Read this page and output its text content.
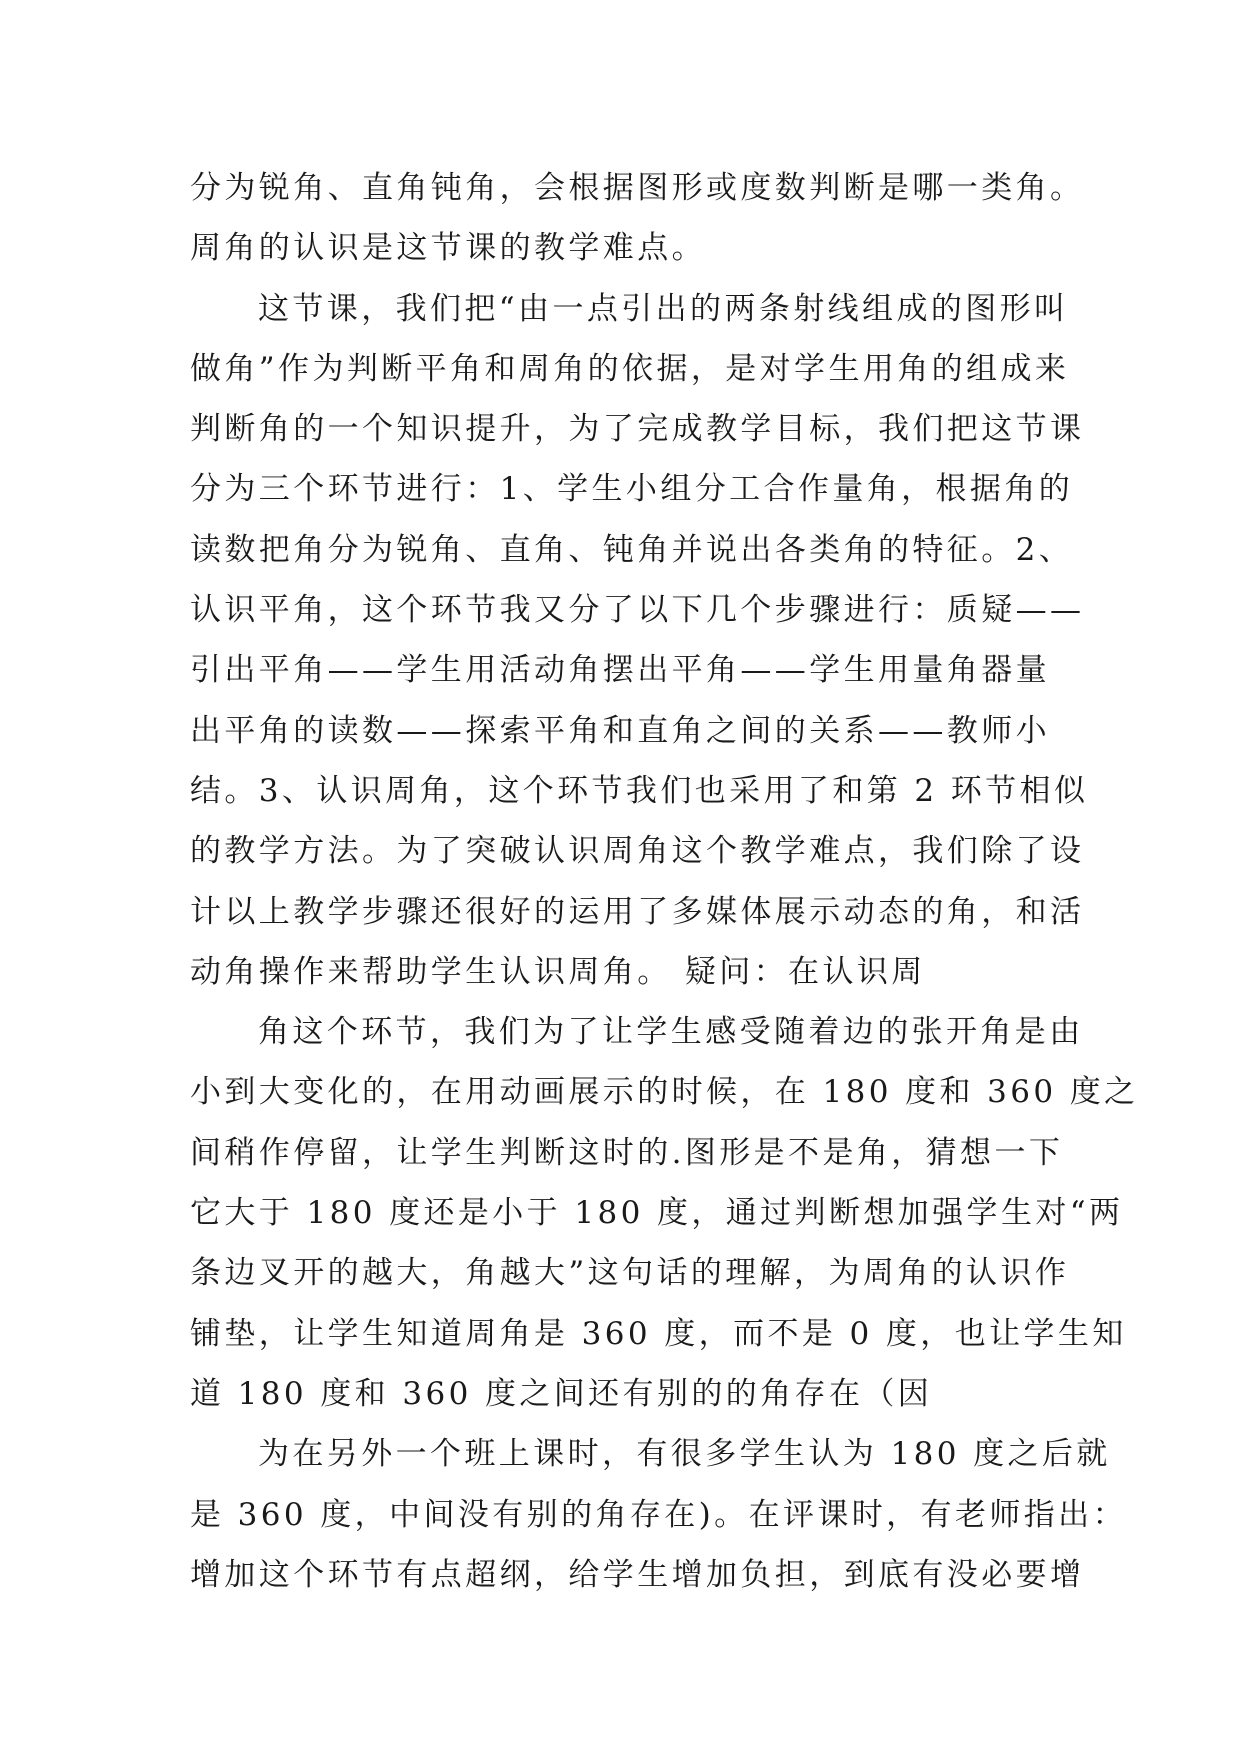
分为锐角、直角钝角，会根据图形或度数判断是哪一类角。
周角的认识是这节课的教学难点。
这节课，我们把“由一点引出的两条射线组成的图形叫
做角”作为判断平角和周角的依据，是对学生用角的组成来
判断角的一个知识提升，为了完成教学目标，我们把这节课
分为三个环节进行：1、学生小组分工合作量角，根据角的
读数把角分为锐角、直角、钝角并说出各类角的特征。2、
认识平角，这个环节我又分了以下几个步骤进行：质疑——
引出平角——学生用活动角摆出平角——学生用量角器量
出平角的读数——探索平角和直角之间的关系——教师小
结。3、认识周角，这个环节我们也采用了和第 2 环节相似
的教学方法。为了突破认识周角这个教学难点，我们除了设
计以上教学步骤还很好的运用了多媒体展示动态的角，和活
动角操作来帮助学生认识周角。 疑问：在认识周
角这个环节，我们为了让学生感受随着边的张开角是由
小到大变化的，在用动画展示的时候，在 180 度和 360 度之
间稍作停留，让学生判断这时的.图形是不是角，猜想一下
它大于 180 度还是小于 180 度，通过判断想加强学生对“两
条边叉开的越大，角越大”这句话的理解，为周角的认识作
铺垫，让学生知道周角是 360 度，而不是 0 度，也让学生知
道 180 度和 360 度之间还有别的的角存在（因
为在另外一个班上课时，有很多学生认为 180 度之后就
是 360 度，中间没有别的角存在)。在评课时，有老师指出：
增加这个环节有点超纲，给学生增加负担，到底有没必要增
